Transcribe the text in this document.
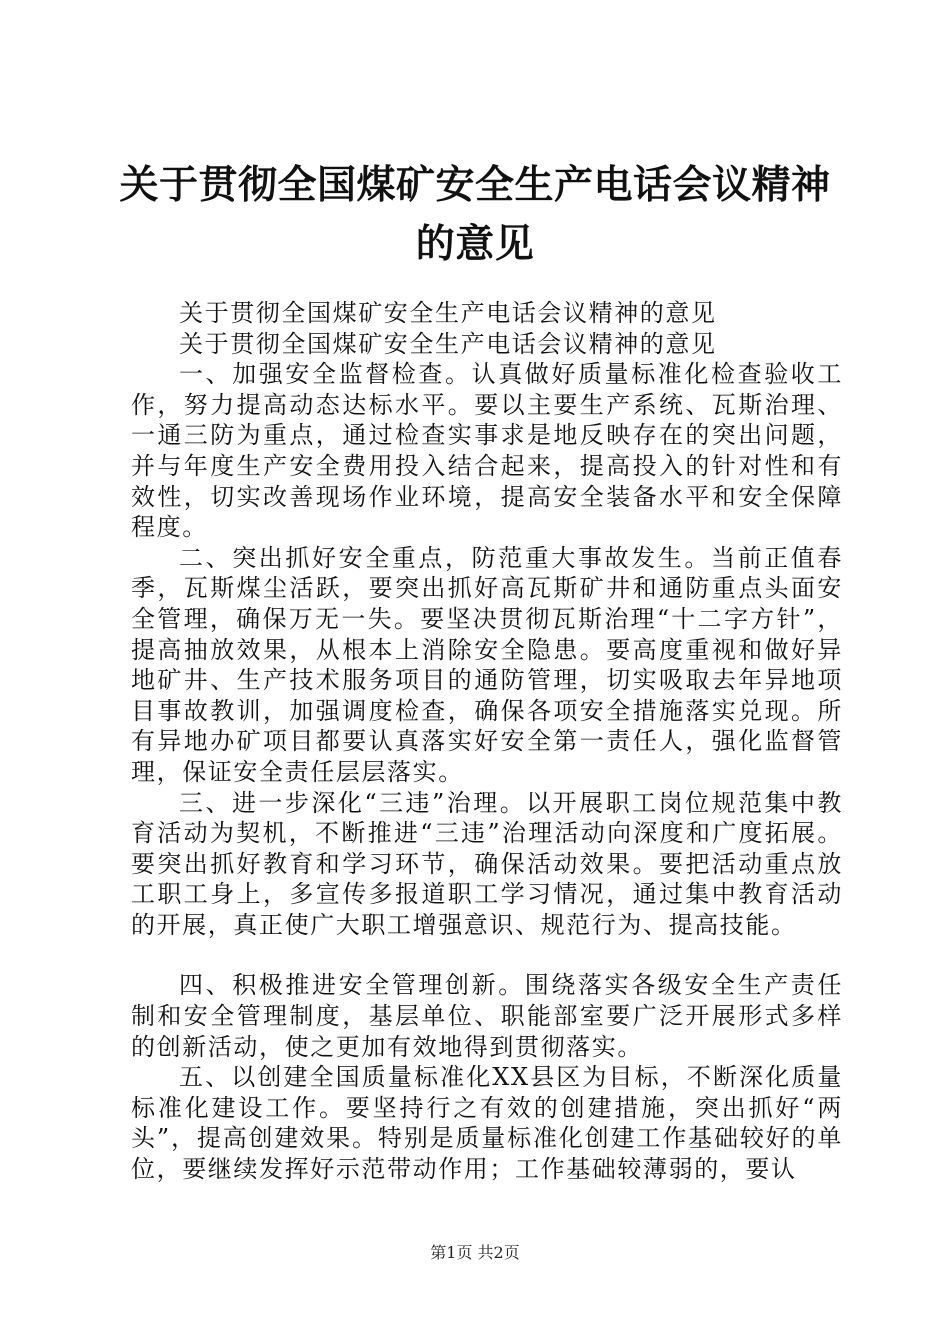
关于贯彻全国煤矿安全生产电话会议精神的意见

关于贯彻全国煤矿安全生产电话会议精神的意见

关于贯彻全国煤矿安全生产电话会议精神的意见

一、加强安全监督检查。认真做好质量标准化检查验收工作，努力提高动态达标水平。要以主要生产系统、瓦斯治理、一通三防为重点，通过检查实事求是地反映存在的突出问题，并与年度生产安全费用投入结合起来，提高投入的针对性和有效性，切实改善现场作业环境，提高安全装备水平和安全保障程度。

二、突出抓好安全重点，防范重大事故发生。当前正值春季，瓦斯煤尘活跃，要突出抓好高瓦斯矿井和通防重点头面安全管理，确保万无一失。要坚决贯彻瓦斯治理“十二字方针”，提高抽放效果，从根本上消除安全隐患。要高度重视和做好异地矿井、生产技术服务项目的通防管理，切实吸取去年异地项目事故教训，加强调度检查，确保各项安全措施落实兑现。所有异地办矿项目都要认真落实好安全第一责任人，强化监督管理，保证安全责任层层落实。

三、进一步深化“三违”治理。以开展职工岗位规范集中教育活动为契机，不断推进“三违”治理活动向深度和广度拓展。要突出抓好教育和学习环节，确保活动效果。要把活动重点放工职工身上，多宣传多报道职工学习情况，通过集中教育活动的开展，真正使广大职工增强意识、规范行为、提高技能。

四、积极推进安全管理创新。围绕落实各级安全生产责任制和安全管理制度，基层单位、职能部室要广泛开展形式多样的创新活动，使之更加有效地得到贯彻落实。

五、以创建全国质量标准化XX县区为目标，不断深化质量标准化建设工作。要坚持行之有效的创建措施，突出抓好“两头”，提高创建效果。特别是质量标准化创建工作基础较好的单位，要继续发挥好示范带动作用；工作基础较薄弱的，要认

第1页 共2页
